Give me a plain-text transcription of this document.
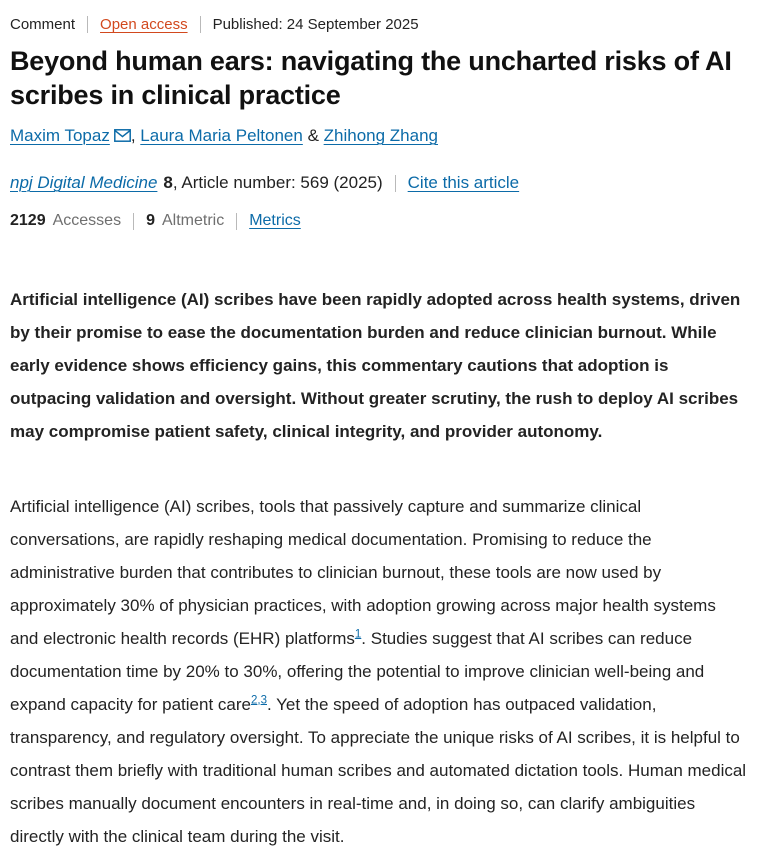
Comment Open access Published: 24 September 2025
Beyond human ears: navigating the uncharted risks of AI scribes in clinical practice
Maxim Topaz , Laura Maria Peltonen & Zhihong Zhang
npj Digital Medicine 8 , Article number: 569 (2025) Cite this article
2129 Accesses 9 Altmetric Metrics

Artificial intelligence (AI) scribes have been rapidly adopted across health systems, driven by their promise to ease the documentation burden and reduce clinician burnout. While early evidence shows efficiency gains, this commentary cautions that adoption is outpacing validation and oversight. Without greater scrutiny, the rush to deploy AI scribes may compromise patient safety, clinical integrity, and provider autonomy.

Artificial intelligence (AI) scribes, tools that passively capture and summarize clinical conversations, are rapidly reshaping medical documentation. Promising to reduce the administrative burden that contributes to clinician burnout, these tools are now used by approximately 30% of physician practices, with adoption growing across major health systems and electronic health records (EHR) platforms$^1$. Studies suggest that AI scribes can reduce documentation time by 20% to 30%, offering the potential to improve clinician well-being and expand capacity for patient care$^{2,3}$. Yet the speed of adoption has outpaced validation, transparency, and regulatory oversight. To appreciate the unique risks of AI scribes, it is helpful to contrast them briefly with traditional human scribes and automated dictation tools. Human medical scribes manually document encounters in real-time and, in doing so, can clarify ambiguities directly with the clinical team during the visit.
